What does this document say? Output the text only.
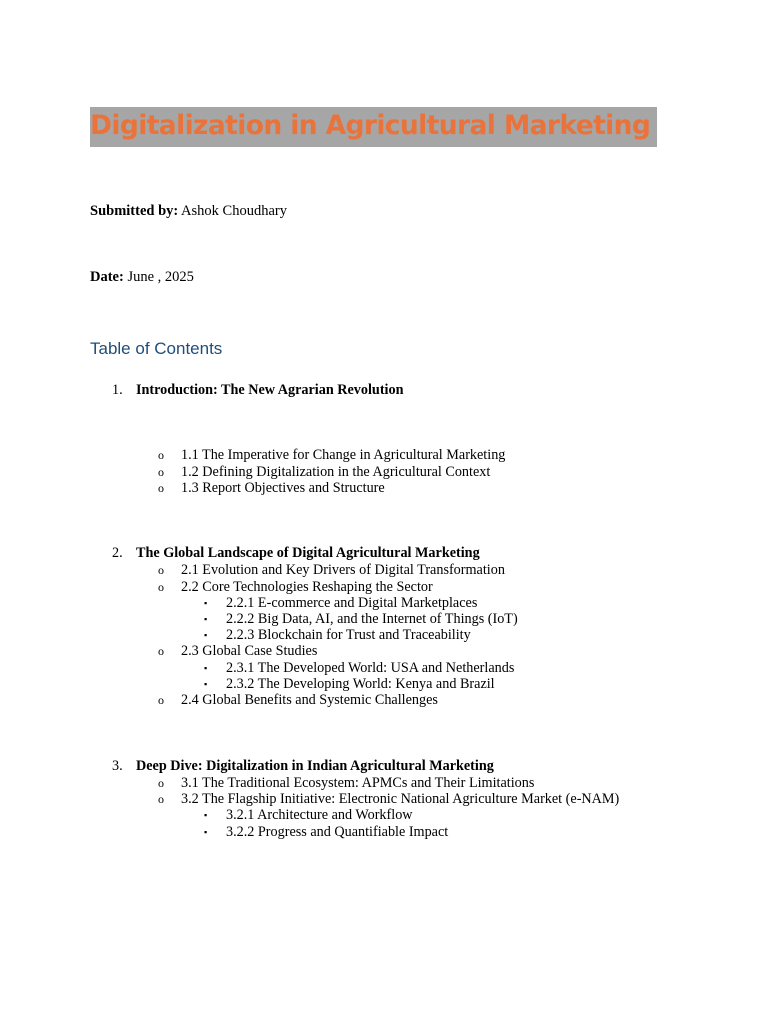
Digitalization in Agricultural Marketing
Submitted by: Ashok Choudhary
Date: June , 2025
Table of Contents
1. Introduction: The New Agrarian Revolution
o 1.1 The Imperative for Change in Agricultural Marketing
o 1.2 Defining Digitalization in the Agricultural Context
o 1.3 Report Objectives and Structure
2. The Global Landscape of Digital Agricultural Marketing
o 2.1 Evolution and Key Drivers of Digital Transformation
o 2.2 Core Technologies Reshaping the Sector
▪ 2.2.1 E-commerce and Digital Marketplaces
▪ 2.2.2 Big Data, AI, and the Internet of Things (IoT)
▪ 2.2.3 Blockchain for Trust and Traceability
o 2.3 Global Case Studies
▪ 2.3.1 The Developed World: USA and Netherlands
▪ 2.3.2 The Developing World: Kenya and Brazil
o 2.4 Global Benefits and Systemic Challenges
3. Deep Dive: Digitalization in Indian Agricultural Marketing
o 3.1 The Traditional Ecosystem: APMCs and Their Limitations
o 3.2 The Flagship Initiative: Electronic National Agriculture Market (e-NAM)
▪ 3.2.1 Architecture and Workflow
▪ 3.2.2 Progress and Quantifiable Impact
